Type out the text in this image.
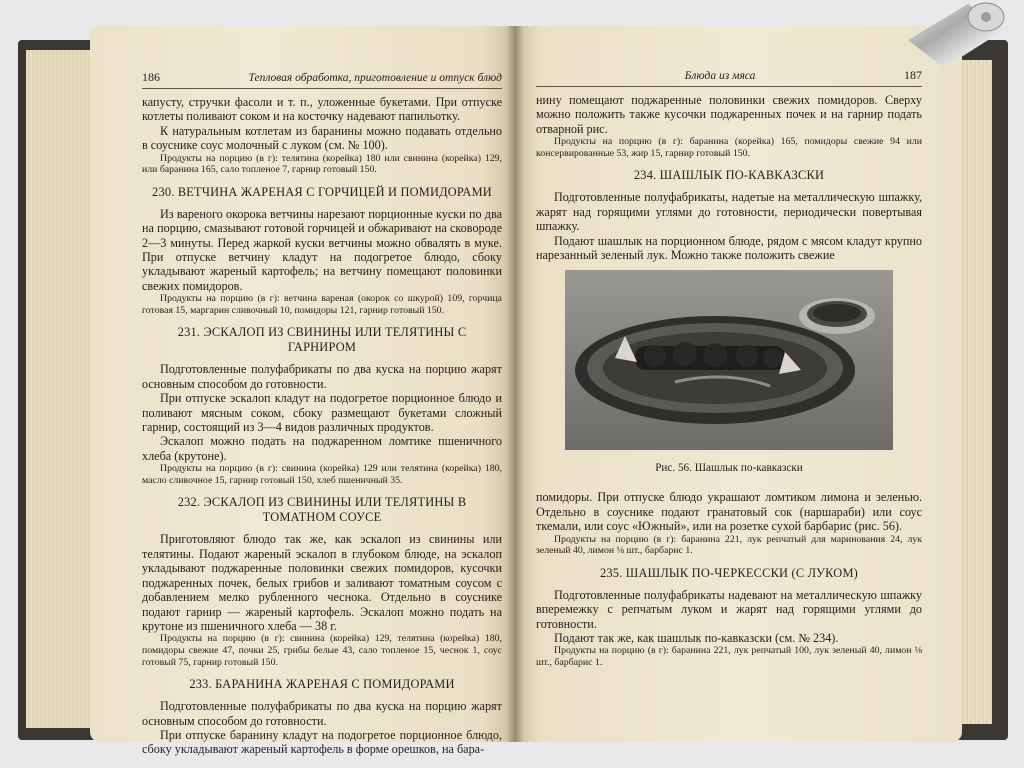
186	Тепловая обработка, приготовление и отпуск блюд

капусту, стручки фасоли и т. п., уложенные букетами. При отпуске котлеты поливают соком и на косточку надевают папильотку.

К натуральным котлетам из баранины можно подавать отдельно в соуснике соус молочный с луком (см. № 100).

Продукты на порцию (в г): телятина (корейка) 180 или свинина (корейка) 129, или баранина 165, сало топленое 7, гарнир готовый 150.

230. ВЕТЧИНА ЖАРЕНАЯ С ГОРЧИЦЕЙ И ПОМИДОРАМИ

Из вареного окорока ветчины нарезают порционные куски по два на порцию, смазывают готовой горчицей и обжаривают на сковороде 2—3 минуты. Перед жаркой куски ветчины можно обвалять в муке. При отпуске ветчину кладут на подогретое блюдо, сбоку укладывают жареный картофель; на ветчину помещают половинки свежих помидоров.

Продукты на порцию (в г): ветчина вареная (окорок со шкурой) 109, горчица готовая 15, маргарин сливочный 10, помидоры 121, гарнир готовый 150.

231. ЭСКАЛОП ИЗ СВИНИНЫ ИЛИ ТЕЛЯТИНЫ С ГАРНИРОМ

Подготовленные полуфабрикаты по два куска на порцию жарят основным способом до готовности.

При отпуске эскалоп кладут на подогретое порционное блюдо и поливают мясным соком, сбоку размещают букетами сложный гарнир, состоящий из 3—4 видов различных продуктов.

Эскалоп можно подать на поджаренном ломтике пшеничного хлеба (крутоне).

Продукты на порцию (в г): свинина (корейка) 129 или телятина (корейка) 180, масло сливочное 15, гарнир готовый 150, хлеб пшеничный 35.

232. ЭСКАЛОП ИЗ СВИНИНЫ ИЛИ ТЕЛЯТИНЫ В ТОМАТНОМ СОУСЕ

Приготовляют блюдо так же, как эскалоп из свинины или телятины. Подают жареный эскалоп в глубоком блюде, на эскалоп укладывают поджаренные половинки свежих помидоров, кусочки поджаренных почек, белых грибов и заливают томатным соусом с добавлением мелко рубленного чеснока. Отдельно в соуснике подают гарнир — жареный картофель. Эскалоп можно подать на крутоне из пшеничного хлеба — 38 г.

Продукты на порцию (в г): свинина (корейка) 129, телятина (корейка) 180, помидоры свежие 47, почки 25, грибы белые 43, сало топленое 15, чеснок 1, соус готовый 75, гарнир готовый 150.

233. БАРАНИНА ЖАРЕНАЯ С ПОМИДОРАМИ

Подготовленные полуфабрикаты по два куска на порцию жарят основным способом до готовности.

При отпуске баранину кладут на подогретое порционное блюдо, сбоку укладывают жареный картофель в форме орешков, на бара-

Блюда из мяса	187

нину помещают поджаренные половинки свежих помидоров. Сверху можно положить также кусочки поджаренных почек и на гарнир подать отварной рис.

Продукты на порцию (в г): баранина (корейка) 165, помидоры свежие 94 или консервированные 53, жир 15, гарнир готовый 150.

234. ШАШЛЫК ПО-КАВКАЗСКИ

Подготовленные полуфабрикаты, надетые на металлическую шпажку, жарят над горящими углями до готовности, периодически повертывая шпажку.

Подают шашлык на порционном блюде, рядом с мясом кладут крупно нарезанный зеленый лук. Можно также положить свежие

Рис. 56. Шашлык по-кавказски

помидоры. При отпуске блюдо украшают ломтиком лимона и зеленью. Отдельно в соуснике подают гранатовый сок (наршараби) или соус ткемали, или соус «Южный», или на розетке сухой барбарис (рис. 56).

Продукты на порцию (в г): баранина 221, лук репчатый для маринования 24, лук зеленый 40, лимон ⅛ шт., барбарис 1.

235. ШАШЛЫК ПО-ЧЕРКЕССКИ (С ЛУКОМ)

Подготовленные полуфабрикаты надевают на металлическую шпажку вперемежку с репчатым луком и жарят над горящими углями до готовности.

Подают так же, как шашлык по-кавказски (см. № 234).

Продукты на порцию (в г): баранина 221, лук репчатый 100, лук зеленый 40, лимон ⅛ шт., барбарис 1.
